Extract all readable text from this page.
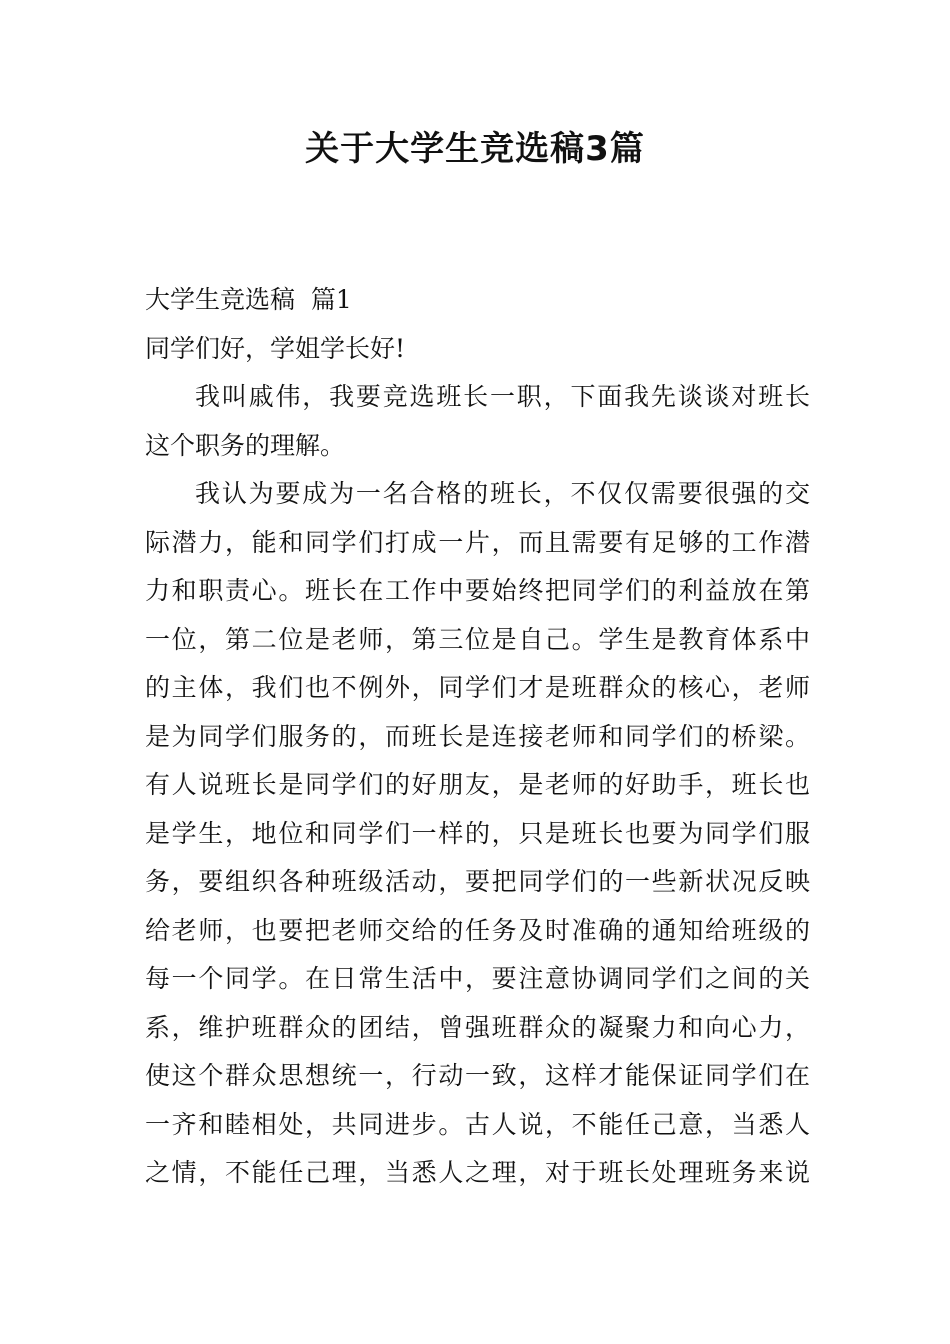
关于大学生竞选稿3篇
大学生竞选稿  篇1
同学们好，学姐学长好!
我叫戚伟，我要竞选班长一职，下面我先谈谈对班长
这个职务的理解。
我认为要成为一名合格的班长，不仅仅需要很强的交
际潜力，能和同学们打成一片，而且需要有足够的工作潜
力和职责心。班长在工作中要始终把同学们的利益放在第
一位，第二位是老师，第三位是自己。学生是教育体系中
的主体，我们也不例外，同学们才是班群众的核心，老师
是为同学们服务的，而班长是连接老师和同学们的桥梁。
有人说班长是同学们的好朋友，是老师的好助手，班长也
是学生，地位和同学们一样的，只是班长也要为同学们服
务，要组织各种班级活动，要把同学们的一些新状况反映
给老师，也要把老师交给的任务及时准确的通知给班级的
每一个同学。在日常生活中，要注意协调同学们之间的关
系，维护班群众的团结，曾强班群众的凝聚力和向心力，
使这个群众思想统一，行动一致，这样才能保证同学们在
一齐和睦相处，共同进步。古人说，不能任己意，当悉人
之情，不能任己理，当悉人之理，对于班长处理班务来说
